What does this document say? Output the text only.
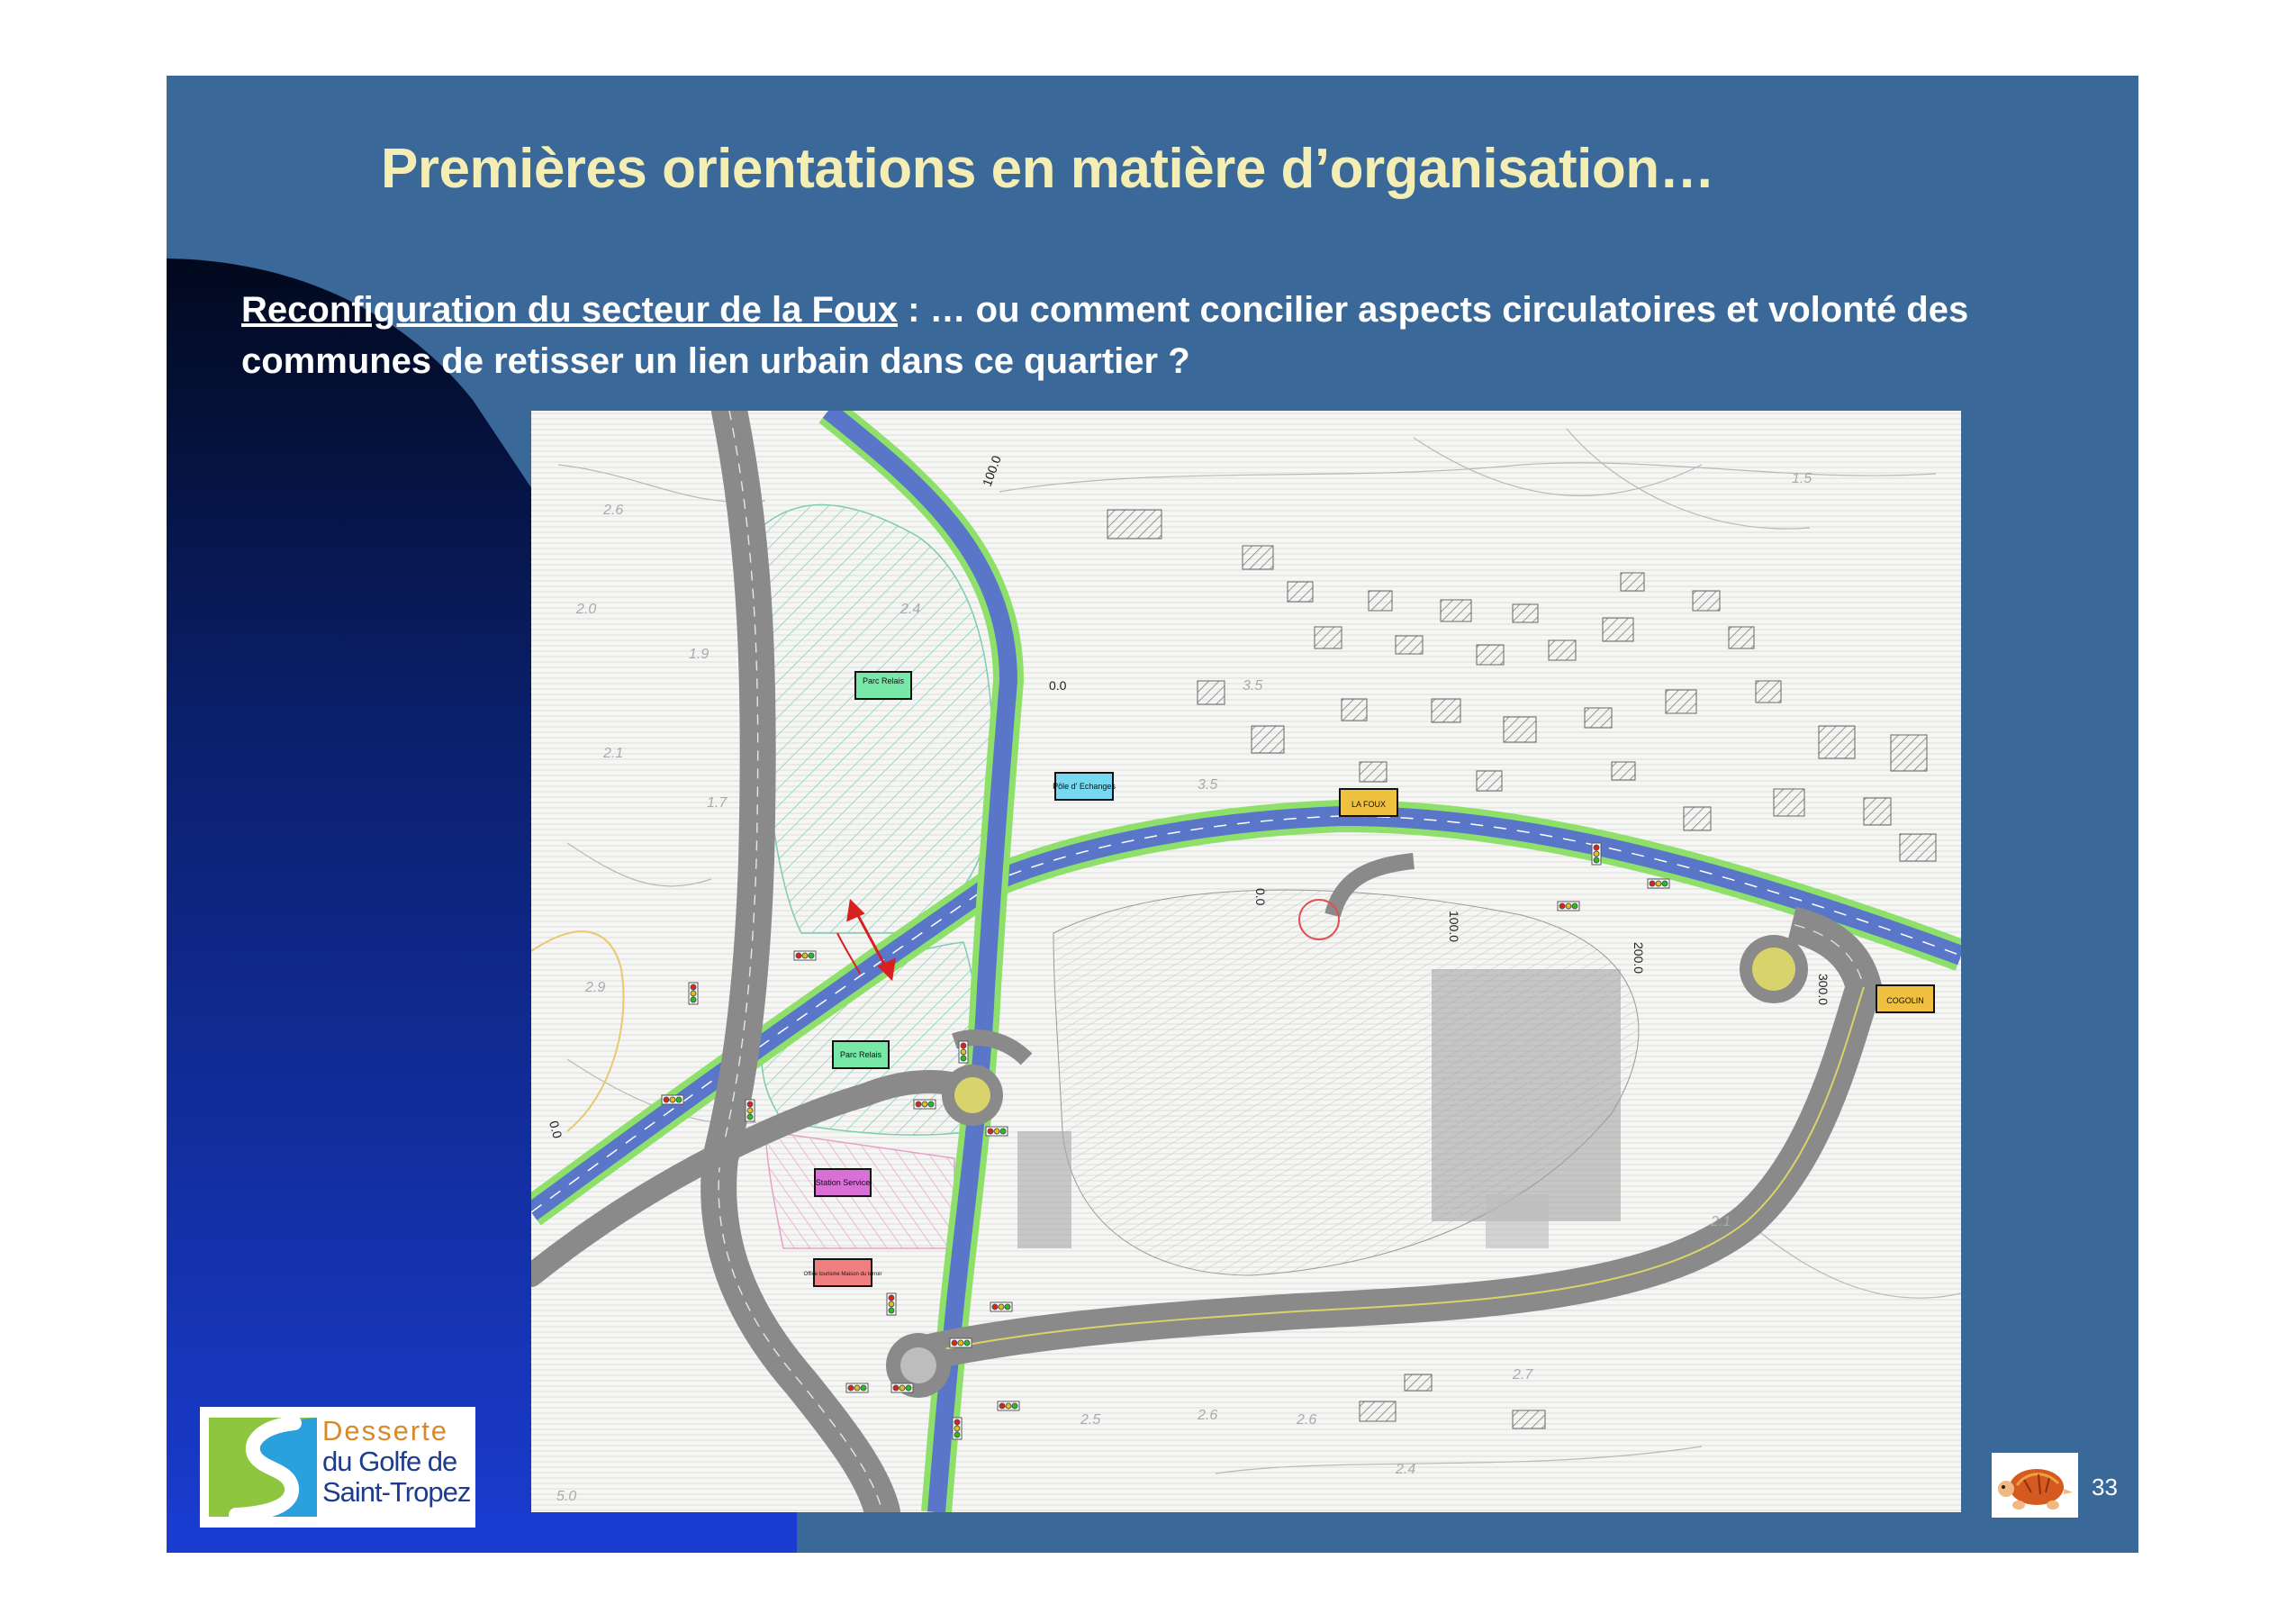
Premières orientations en matière d’organisation…

Reconfiguration du secteur de la Foux : … ou comment concilier aspects circulatoires et volonté des communes de retisser un lien urbain dans ce quartier ?

Parc Relais
Pôle d' Echanges
Parc Relais
Station Service
Office tourisme Maison du terroir
LA FOUX
COGOLIN
100.0
0.0
0.0
100.0
200.0
300.0
0.0
1.5
2.6
2.0
1.9
2.1
2.4
2.5	2.6	2.6
2.4
2.7
2.1
5.0
3.5
3.5
1.7
2.9
Desserte
du Golfe de
Saint-Tropez	33
